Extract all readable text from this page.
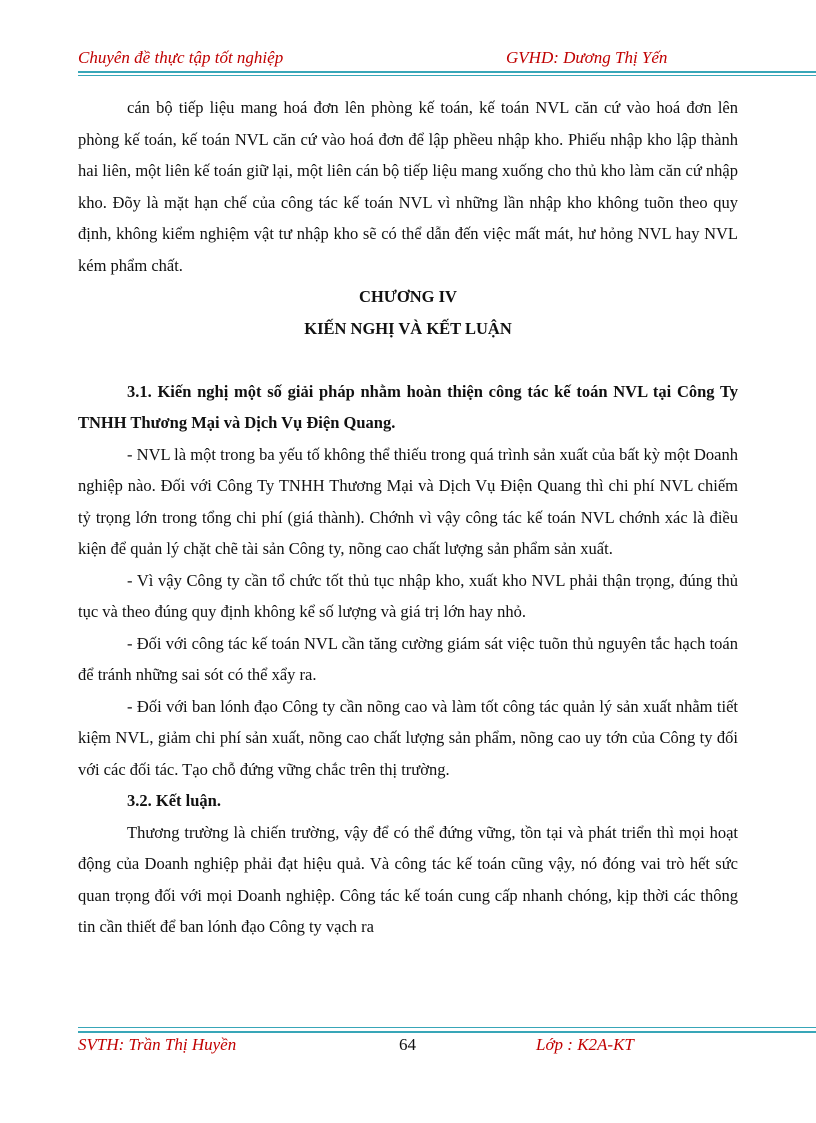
Chuyên đề thực tập tốt nghiệp	GVHD: Dương Thị Yến

cán bộ tiếp liệu mang hoá đơn lên phòng kế toán, kế toán NVL căn cứ vào hoá đơn lên phòng kế toán, kế toán NVL căn cứ vào hoá đơn để lập phềeu nhập kho. Phiếu nhập kho lập thành hai liên, một liên kế toán giữ lại, một liên cán bộ tiếp liệu mang xuống cho thủ kho làm căn cứ nhập kho. Đõy là mặt hạn chế của công tác kế toán NVL vì những lần nhập kho không tuõn theo quy định, không kiểm nghiệm vật tư nhập kho sẽ có thể dẫn đến việc mất mát, hư hỏng NVL hay NVL kém phẩm chất.

CHƯƠNG IV

KIẾN NGHỊ VÀ KẾT LUẬN

3.1. Kiến nghị một số giải pháp nhằm hoàn thiện công tác kế toán NVL tại Công Ty TNHH Thương Mại và Dịch Vụ Điện Quang.

- NVL là một trong ba yếu tố không thể thiếu trong quá trình sản xuất của bất kỳ một Doanh nghiệp nào. Đối với Công Ty TNHH Thương Mại và Dịch Vụ Điện Quang thì chi phí NVL chiếm tỷ trọng lớn trong tổng chi phí (giá thành). Chớnh vì vậy công tác kế toán NVL chớnh xác là điều kiện để quản lý chặt chẽ tài sản Công ty, nõng cao chất lượng sản phẩm sản xuất.

- Vì vậy Công ty cần tổ chức tốt thủ tục nhập kho, xuất kho NVL phải thận trọng, đúng thủ tục và theo đúng quy định không kể số lượng và giá trị lớn hay nhỏ.

- Đối với công tác kế toán NVL cần tăng cường giám sát việc tuõn thủ nguyên tắc hạch toán để tránh những sai sót có thể xẩy ra.

- Đối với ban lónh đạo Công ty cần nõng cao và làm tốt công tác quản lý sản xuất nhằm tiết kiệm NVL, giảm chi phí sản xuất, nõng cao chất lượng sản phẩm, nõng cao uy tớn của Công ty đối với các đối tác. Tạo chỗ đứng vững chắc trên thị trường.

3.2. Kết luận.

Thương trường là chiến trường, vậy để có thể đứng vững, tồn tại và phát triển thì mọi hoạt động của Doanh nghiệp phải đạt hiệu quả. Và công tác kế toán cũng vậy, nó đóng vai trò hết sức quan trọng đối với mọi Doanh nghiệp. Công tác kế toán cung cấp nhanh chóng, kịp thời các thông tin cần thiết để ban lónh đạo Công ty vạch ra

SVTH: Trần Thị Huyền	64	Lớp : K2A-KT
